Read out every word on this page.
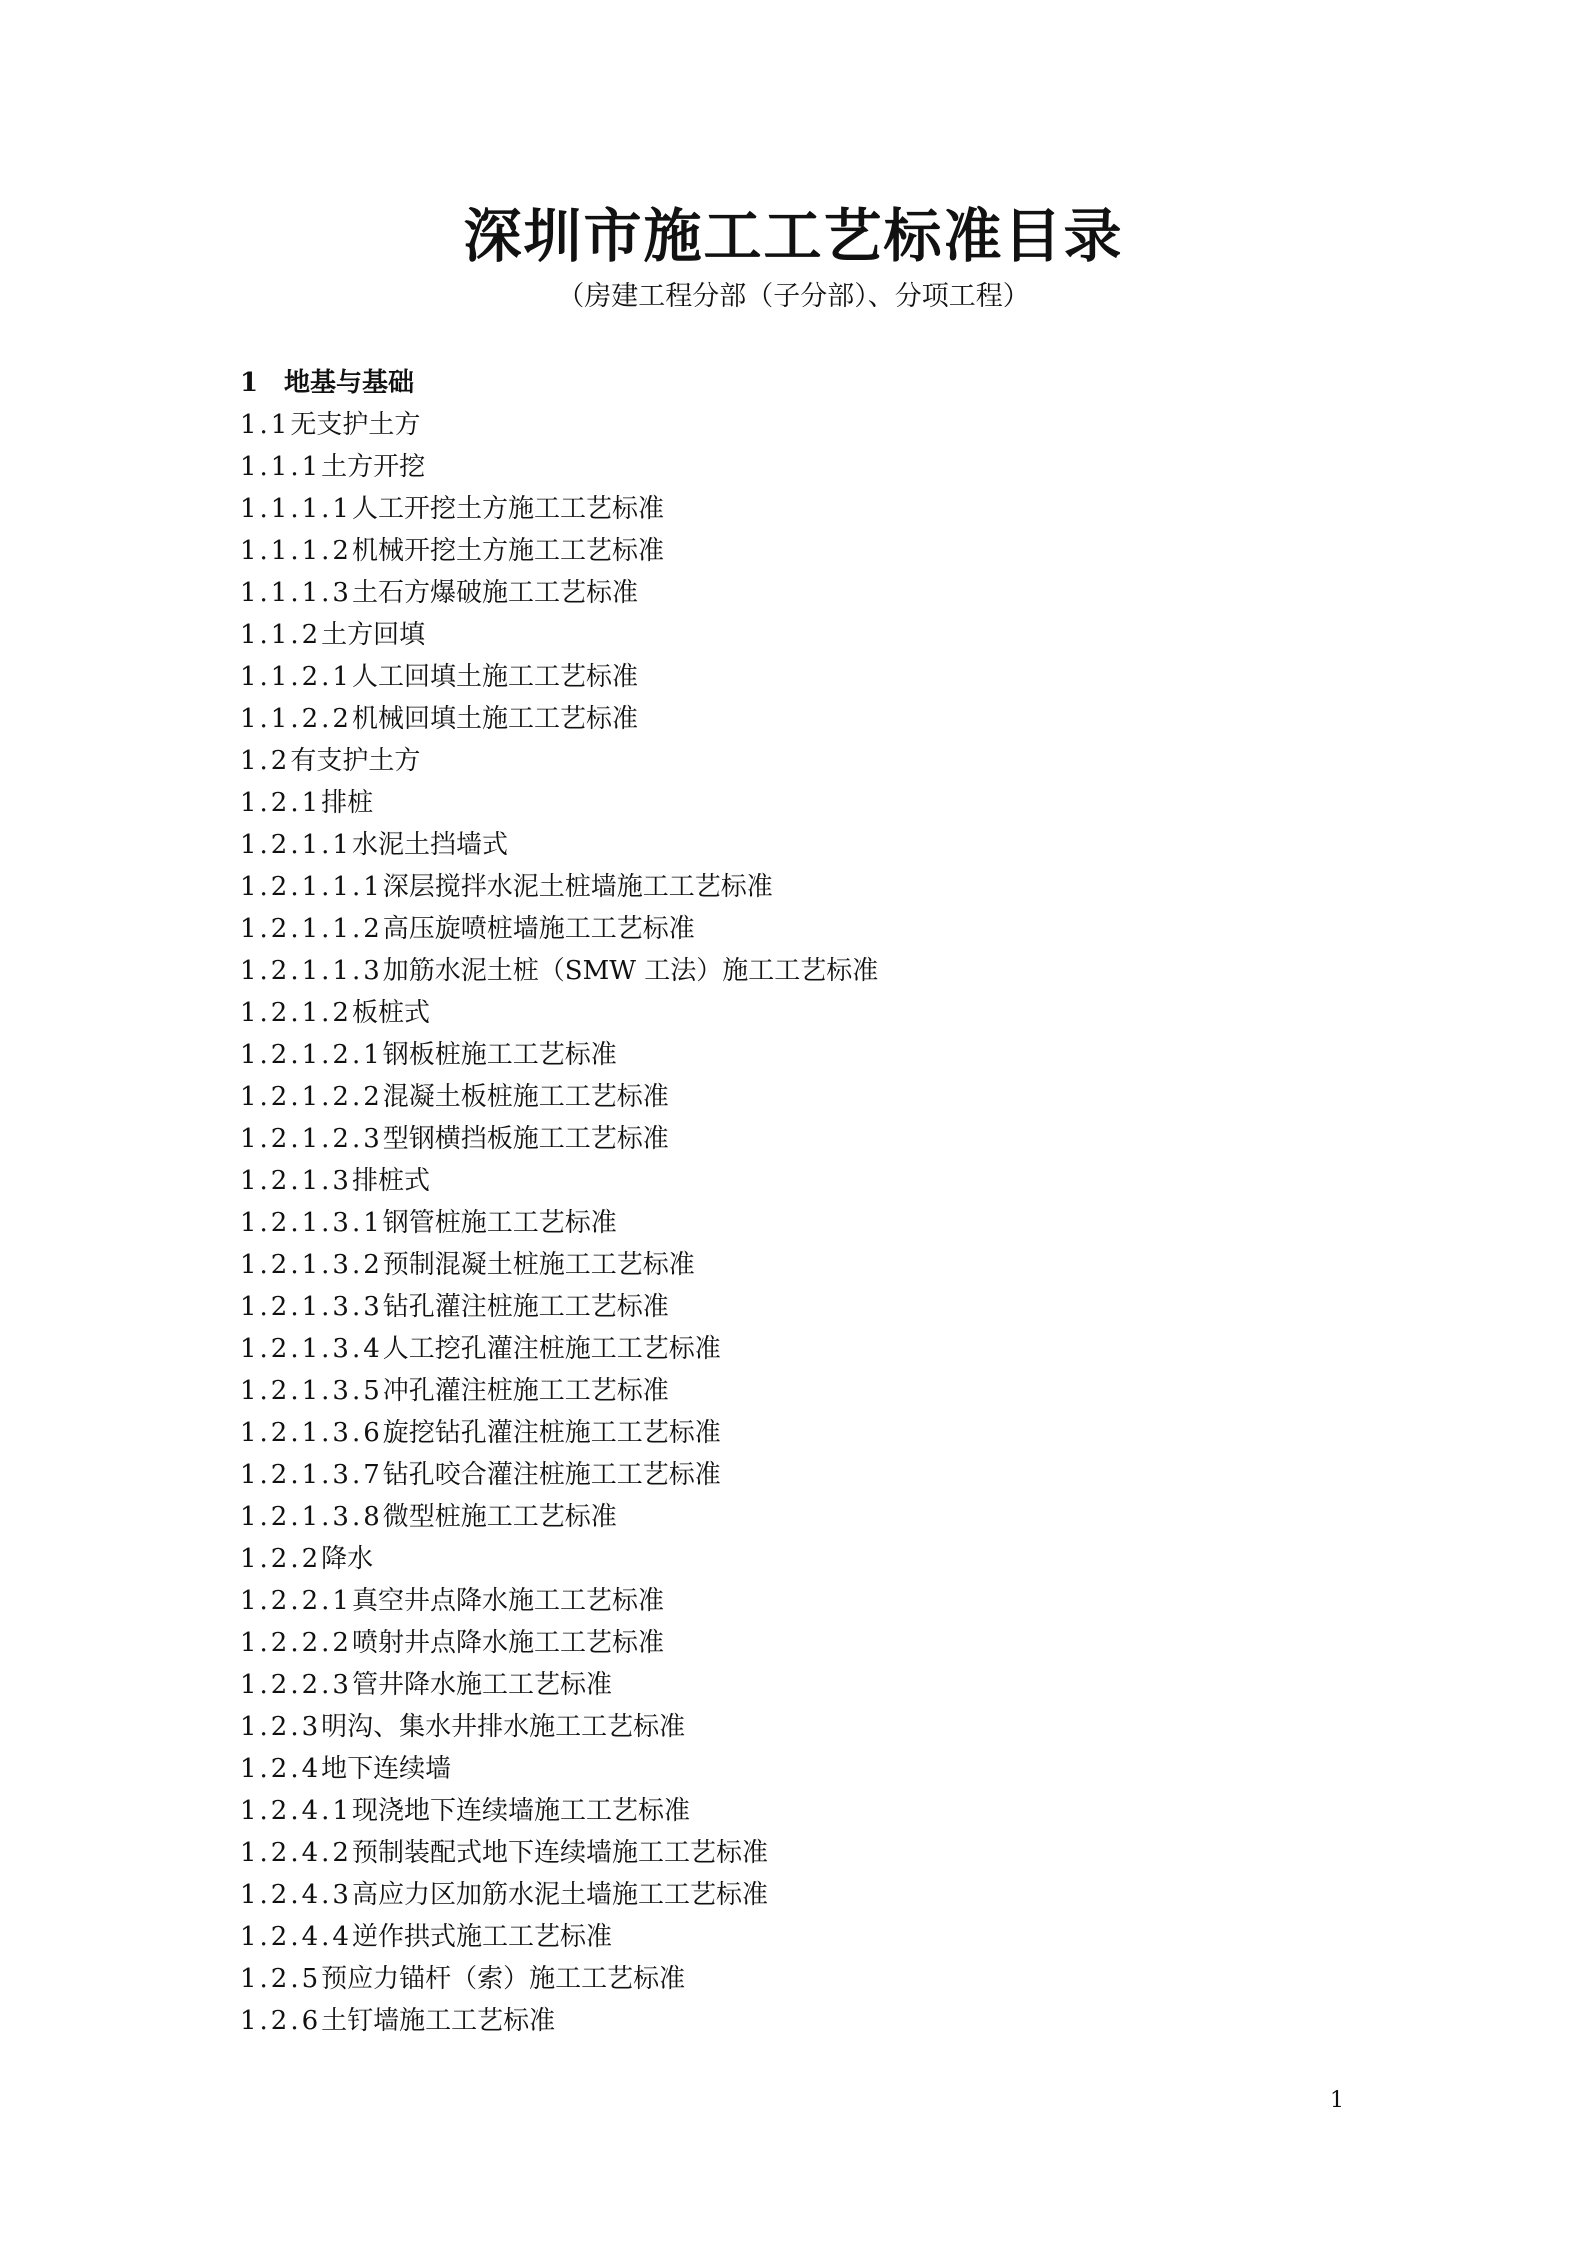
深圳市施工工艺标准目录
（房建工程分部（子分部）、分项工程）
1 地基与基础
1.1无支护土方
1.1.1土方开挖
1.1.1.1人工开挖土方施工工艺标准
1.1.1.2机械开挖土方施工工艺标准
1.1.1.3土石方爆破施工工艺标准
1.1.2土方回填
1.1.2.1人工回填土施工工艺标准
1.1.2.2机械回填土施工工艺标准
1.2有支护土方
1.2.1排桩
1.2.1.1水泥土挡墙式
1.2.1.1.1深层搅拌水泥土桩墙施工工艺标准
1.2.1.1.2高压旋喷桩墙施工工艺标准
1.2.1.1.3加筋水泥土桩（SMW 工法）施工工艺标准
1.2.1.2板桩式
1.2.1.2.1钢板桩施工工艺标准
1.2.1.2.2混凝土板桩施工工艺标准
1.2.1.2.3型钢横挡板施工工艺标准
1.2.1.3排桩式
1.2.1.3.1钢管桩施工工艺标准
1.2.1.3.2预制混凝土桩施工工艺标准
1.2.1.3.3钻孔灌注桩施工工艺标准
1.2.1.3.4人工挖孔灌注桩施工工艺标准
1.2.1.3.5冲孔灌注桩施工工艺标准
1.2.1.3.6旋挖钻孔灌注桩施工工艺标准
1.2.1.3.7钻孔咬合灌注桩施工工艺标准
1.2.1.3.8微型桩施工工艺标准
1.2.2降水
1.2.2.1真空井点降水施工工艺标准
1.2.2.2喷射井点降水施工工艺标准
1.2.2.3管井降水施工工艺标准
1.2.3明沟、集水井排水施工工艺标准
1.2.4地下连续墙
1.2.4.1现浇地下连续墙施工工艺标准
1.2.4.2预制装配式地下连续墙施工工艺标准
1.2.4.3高应力区加筋水泥土墙施工工艺标准
1.2.4.4逆作拱式施工工艺标准
1.2.5预应力锚杆（索）施工工艺标准
1.2.6土钉墙施工工艺标准
1
